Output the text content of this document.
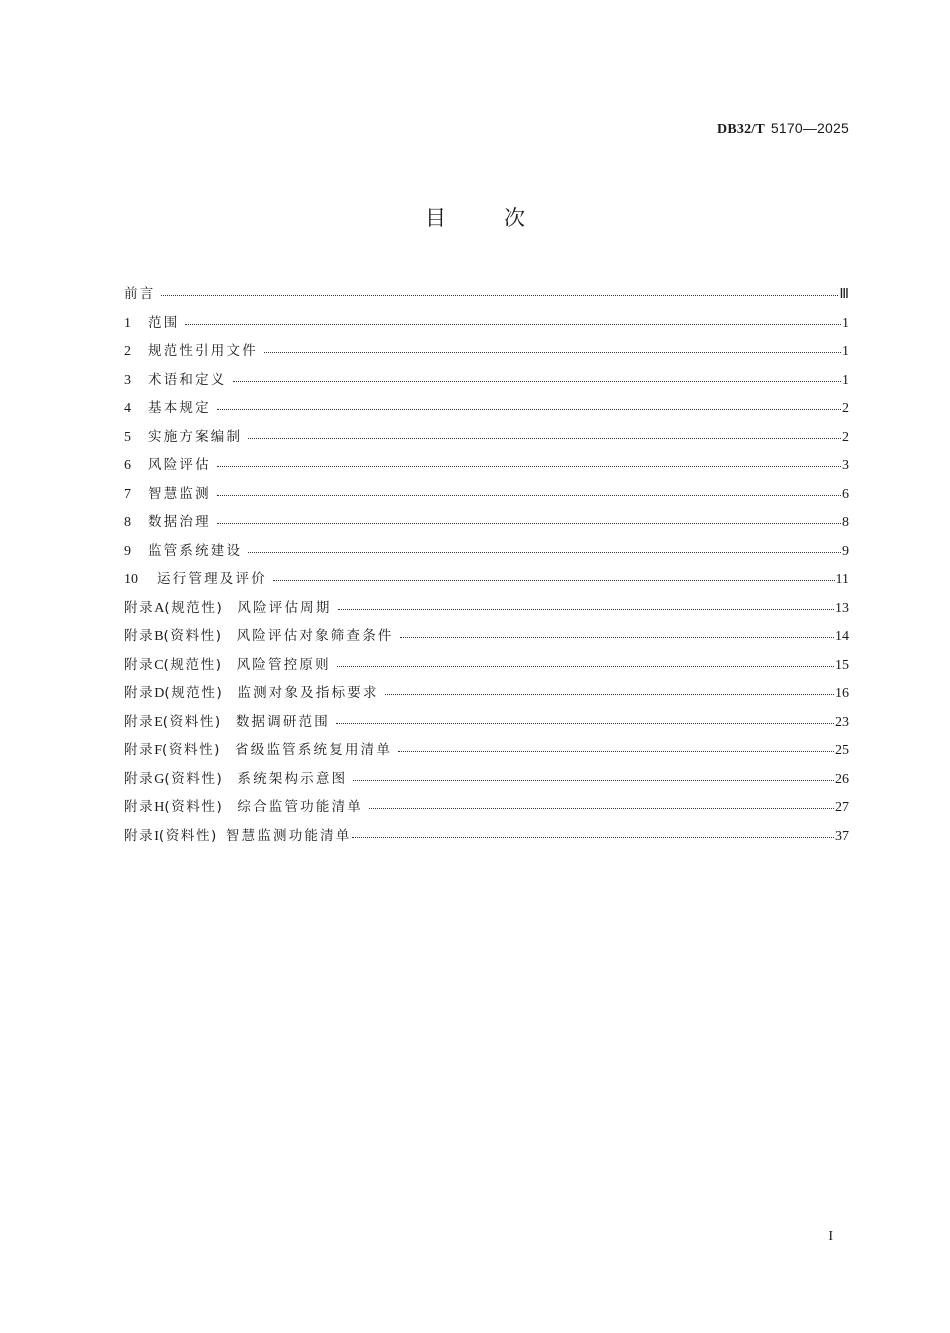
DB32/T 5170—2025
目	次
前言	Ⅲ
1	范围	1
2	规范性引用文件	1
3	术语和定义	1
4	基本规定	2
5	实施方案编制	2
6	风险评估	3
7	智慧监测	6
8	数据治理	8
9	监管系统建设	9
10	运行管理及评价	11
附录A(规范性) 风险评估周期	13
附录B(资料性) 风险评估对象筛查条件	14
附录C(规范性) 风险管控原则	15
附录D(规范性) 监测对象及指标要求	16
附录E(资料性) 数据调研范围	23
附录F(资料性) 省级监管系统复用清单	25
附录G(资料性) 系统架构示意图	26
附录H(资料性) 综合监管功能清单	27
附录I(资料性) 智慧监测功能清单	37
I
